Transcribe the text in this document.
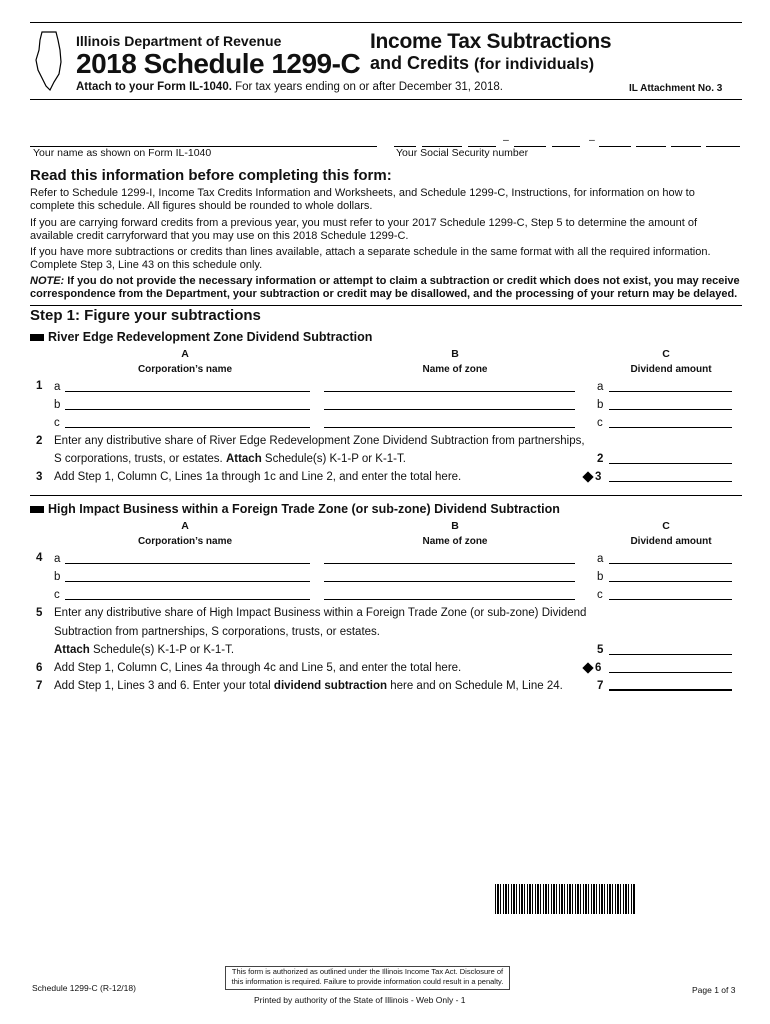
Illinois Department of Revenue
2018 Schedule 1299-C
Income Tax Subtractions
and Credits (for individuals)
Attach to your Form IL-1040. For tax years ending on or after December 31, 2018.	IL Attachment No. 3
Your name as shown on Form IL-1040
–	–
Your Social Security number
Read this information before completing this form:
Refer to Schedule 1299-I, Income Tax Credits Information and Worksheets, and Schedule 1299-C, Instructions, for information on how to complete this schedule. All figures should be rounded to whole dollars.
If you are carrying forward credits from a previous year, you must refer to your 2017 Schedule 1299-C, Step 5 to determine the amount of available credit carryforward that you may use on this 2018 Schedule 1299-C.
If you have more subtractions or credits than lines available, attach a separate schedule in the same format with all the required information. Complete Step 3, Line 43 on this schedule only.
NOTE: If you do not provide the necessary information or attempt to claim a subtraction or credit which does not exist, you may receive correspondence from the Department, your subtraction or credit may be disallowed, and the processing of your return may be delayed.
Step 1: Figure your subtractions
River Edge Redevelopment Zone Dividend Subtraction
A	B	C
Corporation’s name	Name of zone	Dividend amount
1 a	a
b	b
c	c
2 Enter any distributive share of River Edge Redevelopment Zone Dividend Subtraction from partnerships,
S corporations, trusts, or estates. Attach Schedule(s) K-1-P or K-1-T.	2
3 Add Step 1, Column C, Lines 1a through 1c and Line 2, and enter the total here.	3
High Impact Business within a Foreign Trade Zone (or sub-zone) Dividend Subtraction
A	B	C
Corporation’s name	Name of zone	Dividend amount
4 a	a
b	b
c	c
5 Enter any distributive share of High Impact Business within a Foreign Trade Zone (or sub-zone) Dividend
Subtraction from partnerships, S corporations, trusts, or estates.
Attach Schedule(s) K-1-P or K-1-T.	5
6 Add Step 1, Column C, Lines 4a through 4c and Line 5, and enter the total here.	6
7 Add Step 1, Lines 3 and 6. Enter your total dividend subtraction here and on Schedule M, Line 24.	7
Schedule 1299-C (R-12/18)
This form is authorized as outlined under the Illinois Income Tax Act. Disclosure of this information is required. Failure to provide information could result in a penalty.
Printed by authority of the State of Illinois - Web Only - 1
Page 1 of 3
